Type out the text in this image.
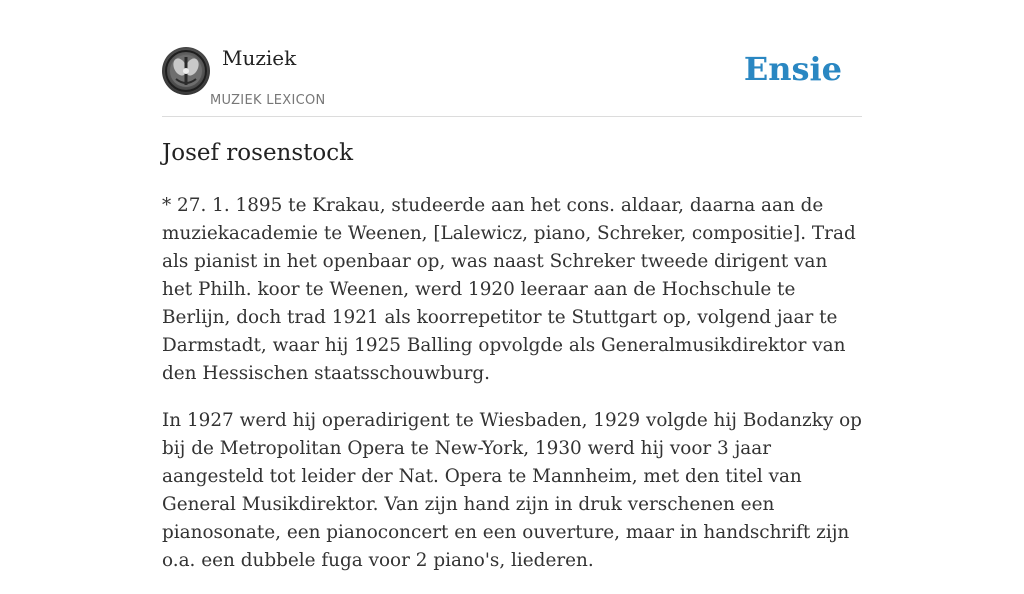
Muziek
MUZIEK LEXICON
Ensie
Josef rosenstock

* 27. 1. 1895 te Krakau, studeerde aan het cons. aldaar, daarna aan de muziekacademie te Weenen, [Lalewicz, piano, Schreker, compositie]. Trad als pianist in het openbaar op, was naast Schreker tweede dirigent van het Philh. koor te Weenen, werd 1920 leeraar aan de Hochschule te Berlijn, doch trad 1921 als koorrepetitor te Stuttgart op, volgend jaar te Darmstadt, waar hij 1925 Balling opvolgde als Generalmusikdirektor van den Hessischen staatsschouwburg.

In 1927 werd hij operadirigent te Wiesbaden, 1929 volgde hij Bodanzky op bij de Metropolitan Opera te New-York, 1930 werd hij voor 3 jaar aangesteld tot leider der Nat. Opera te Mannheim, met den titel van General Musikdirektor. Van zijn hand zijn in druk verschenen een pianosonate, een pianoconcert en een ouverture, maar in handschrift zijn o.a. een dubbele fuga voor 2 piano's, liederen.
